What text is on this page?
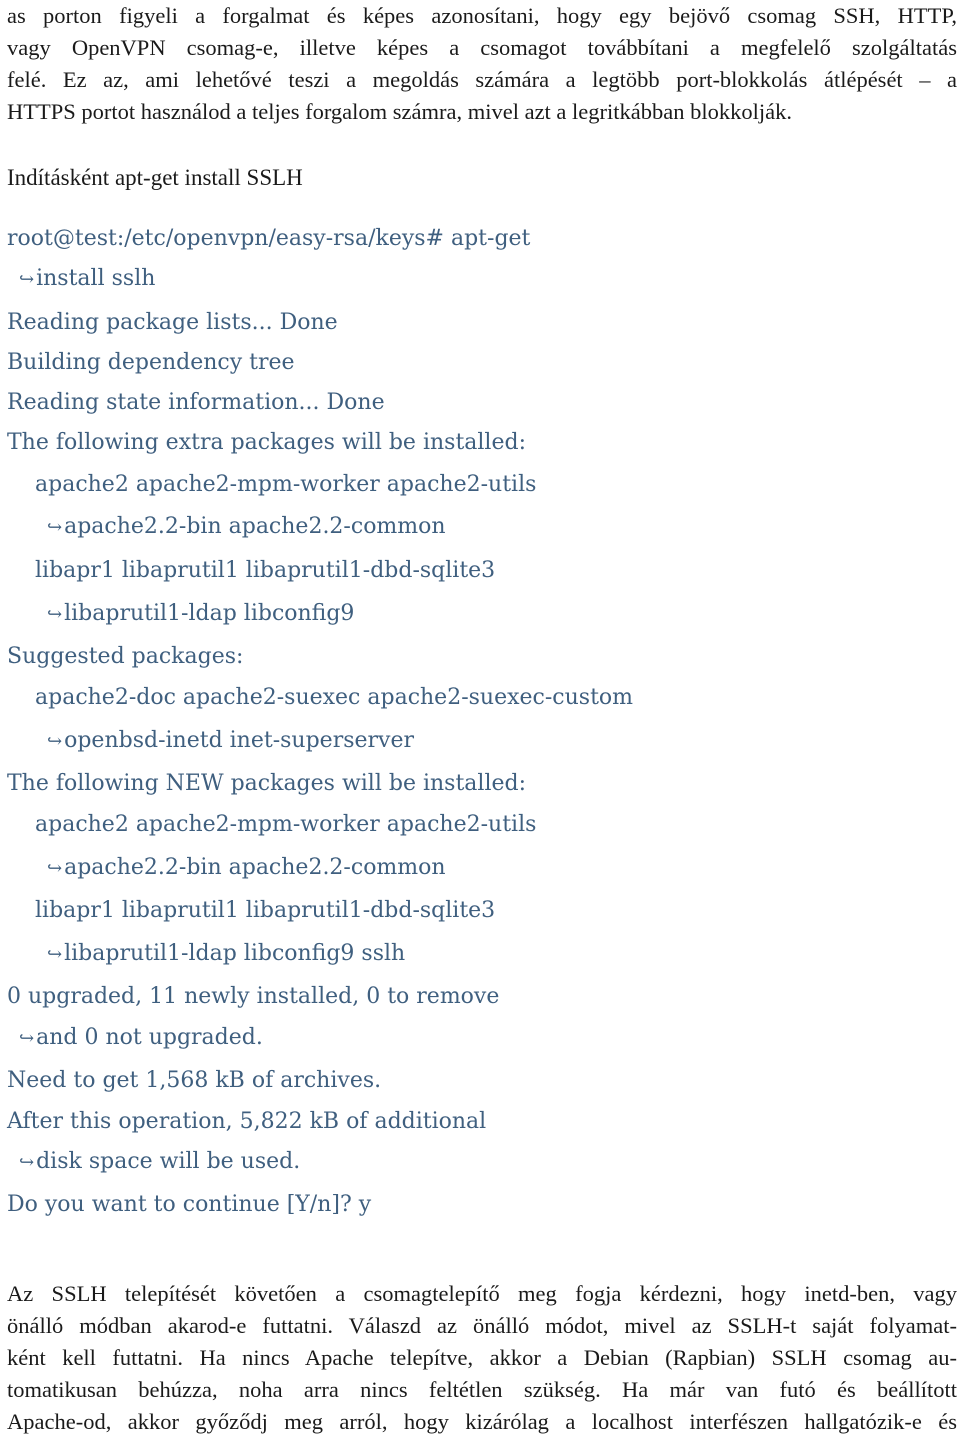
as porton figyeli a forgalmat és képes azonosítani, hogy egy bejövő csomag SSH, HTTP,
vagy OpenVPN csomag-e, illetve képes a csomagot továbbítani a megfelelő szolgáltatás
felé. Ez az, ami lehetővé teszi a megoldás számára a legtöbb port-blokkolás átlépését – a
HTTPS portot használod a teljes forgalom számra, mivel azt a legritkábban blokkolják.

Indításként apt-get install SSLH

root@test:/etc/openvpn/easy-rsa/keys# apt-get
↪install sslh
Reading package lists... Done
Building dependency tree
Reading state information... Done
The following extra packages will be installed:
apache2 apache2-mpm-worker apache2-utils
↪apache2.2-bin apache2.2-common
libapr1 libaprutil1 libaprutil1-dbd-sqlite3
↪libaprutil1-ldap libconfig9
Suggested packages:
apache2-doc apache2-suexec apache2-suexec-custom
↪openbsd-inetd inet-superserver
The following NEW packages will be installed:
apache2 apache2-mpm-worker apache2-utils
↪apache2.2-bin apache2.2-common
libapr1 libaprutil1 libaprutil1-dbd-sqlite3
↪libaprutil1-ldap libconfig9 sslh
0 upgraded, 11 newly installed, 0 to remove
↪and 0 not upgraded.
Need to get 1,568 kB of archives.
After this operation, 5,822 kB of additional
↪disk space will be used.
Do you want to continue [Y/n]? y

Az SSLH telepítését követően a csomagtelepítő meg fogja kérdezni, hogy inetd-ben, vagy
önálló módban akarod-e futtatni. Válaszd az önálló módot, mivel az SSLH-t saját folyamat-
ként kell futtatni. Ha nincs Apache telepítve, akkor a Debian (Rapbian) SSLH csomag au-
tomatikusan behúzza, noha arra nincs feltétlen szükség. Ha már van futó és beállított
Apache-od, akkor győződj meg arról, hogy kizárólag a localhost interfészen hallgatózik-e és
